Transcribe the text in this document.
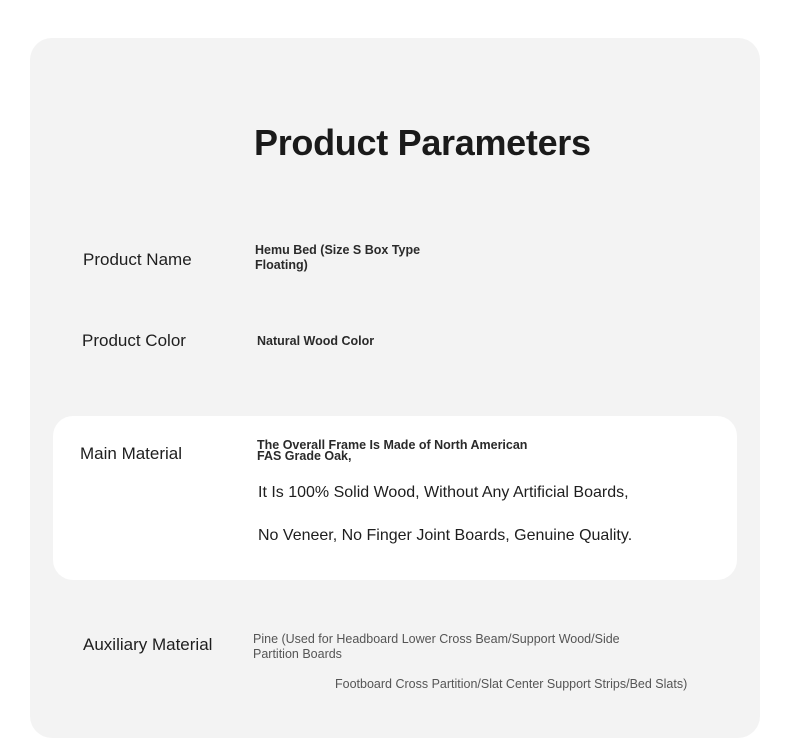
Product Parameters
Product Name	Hemu Bed (Size S Box Type
Floating)
Product Color	Natural Wood Color
Main Material	The Overall Frame Is Made of North American
FAS Grade Oak,
It Is 100% Solid Wood, Without Any Artificial Boards,
No Veneer, No Finger Joint Boards, Genuine Quality.
Auxiliary Material	Pine (Used for Headboard Lower Cross Beam/Support Wood/Side
Partition Boards
Footboard Cross Partition/Slat Center Support Strips/Bed Slats)
